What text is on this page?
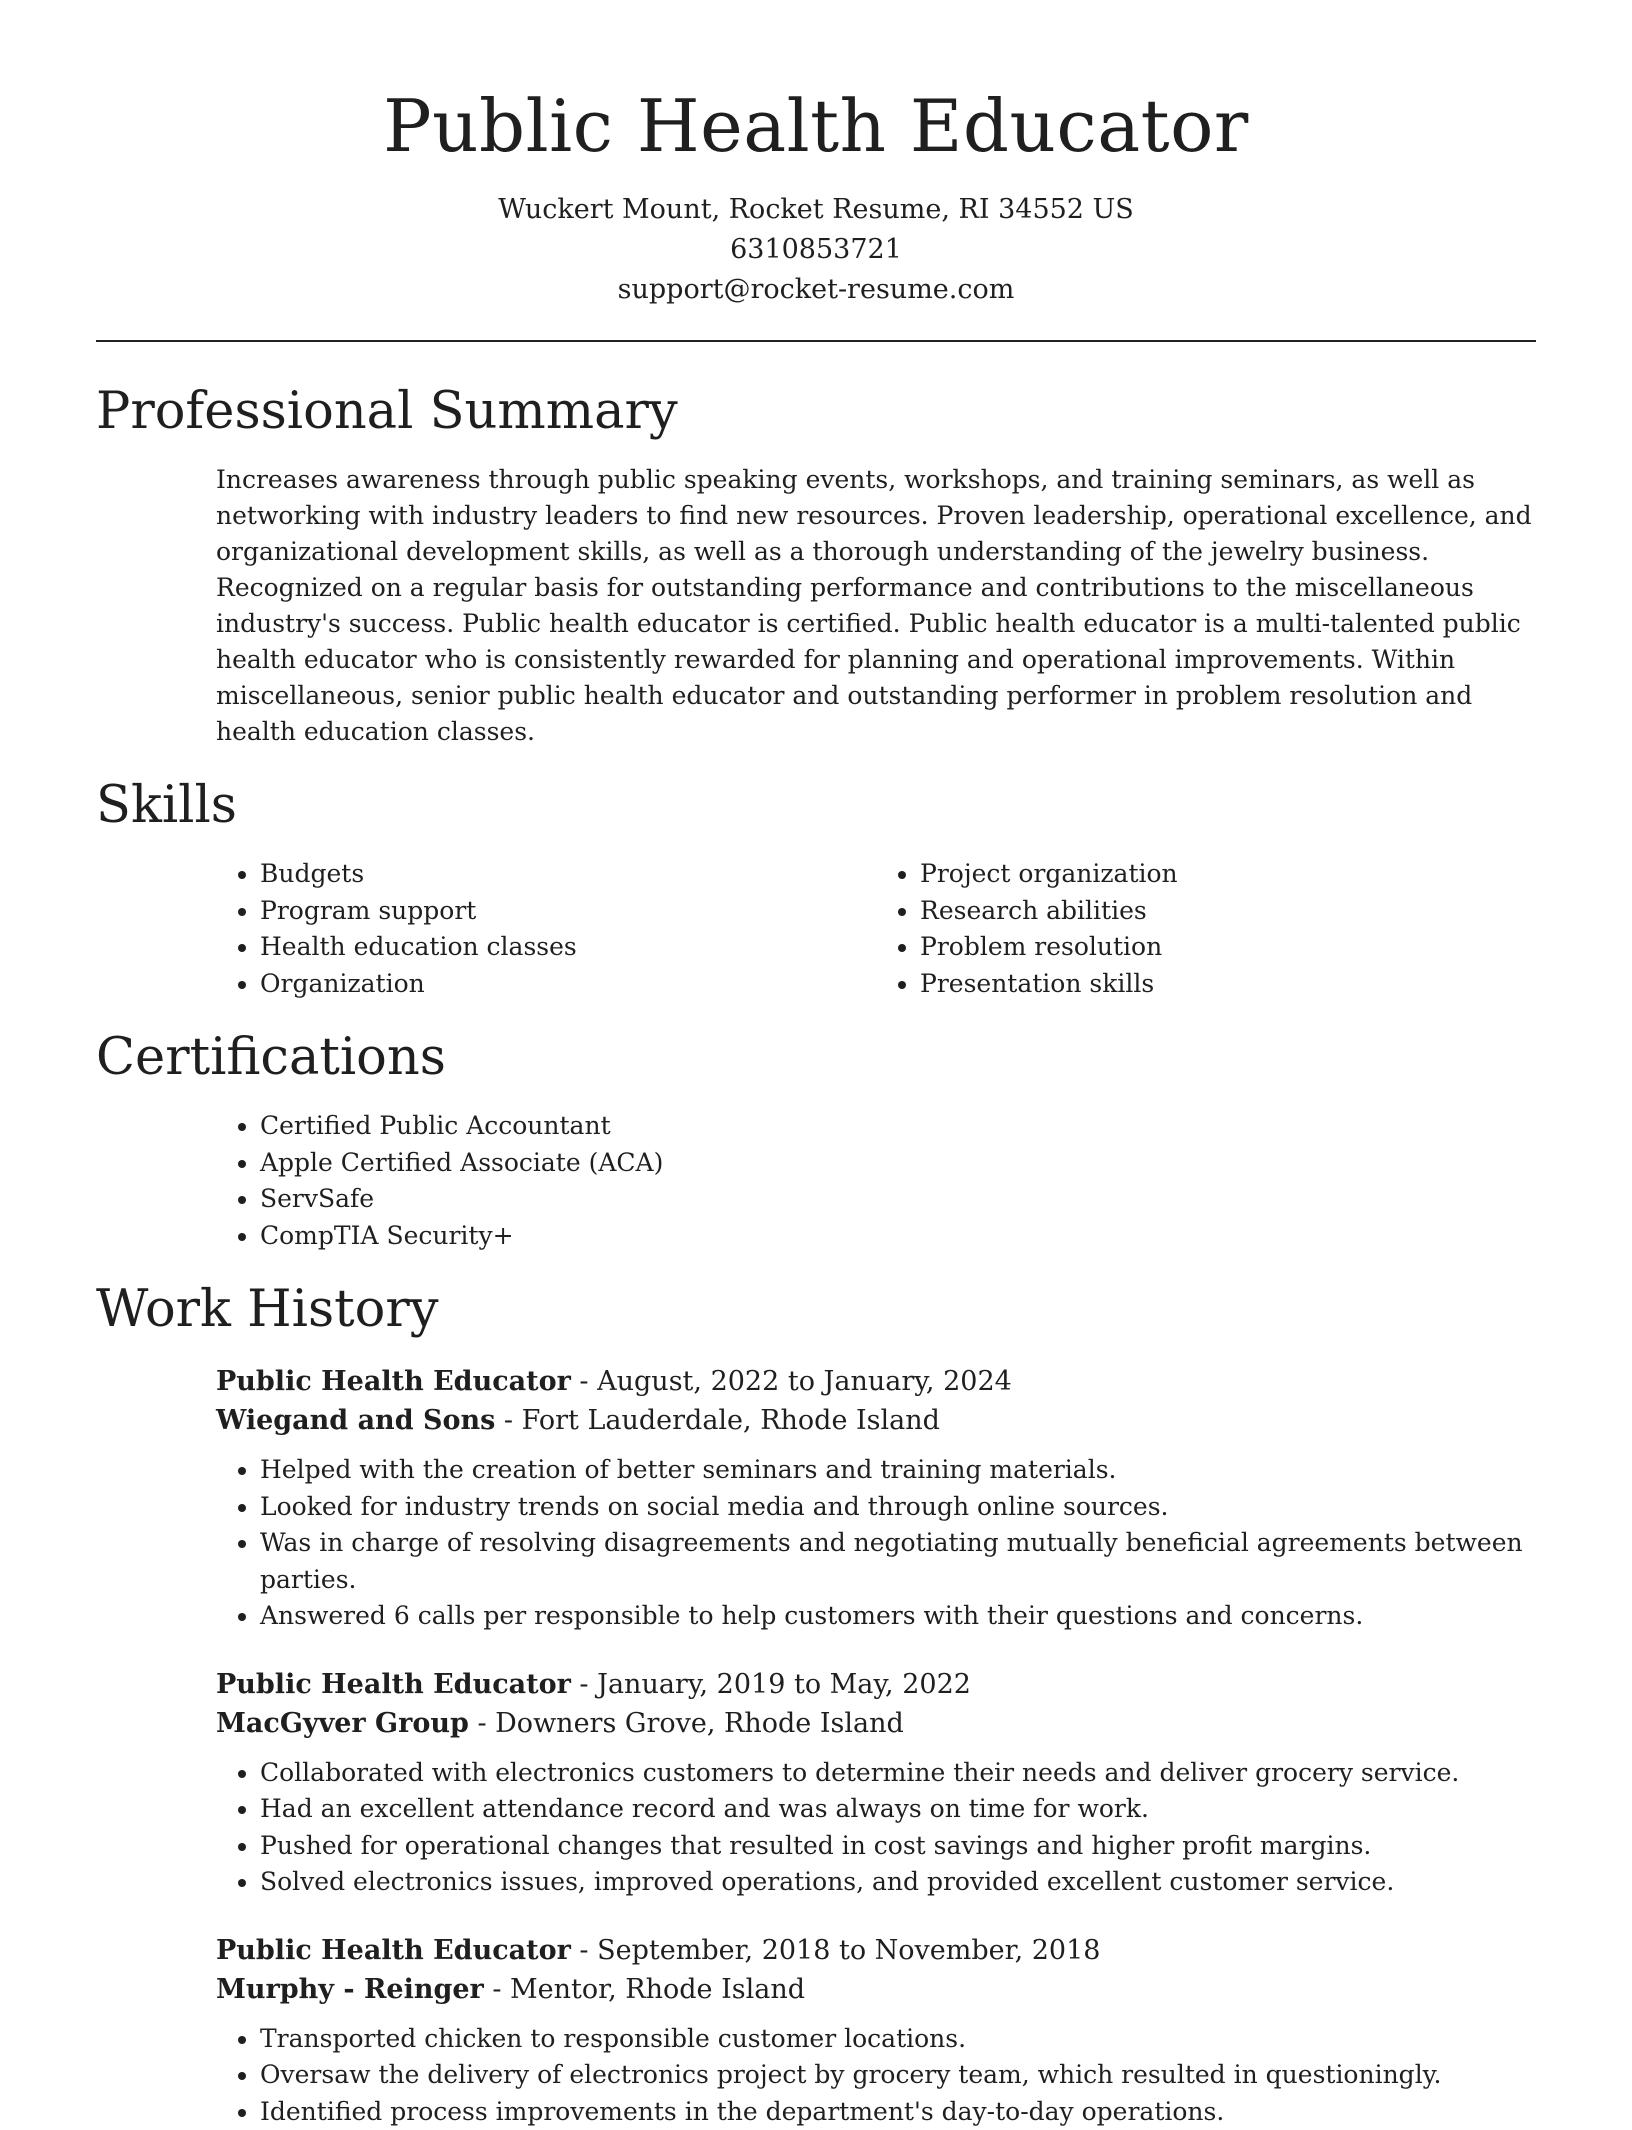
Public Health Educator
Wuckert Mount, Rocket Resume, RI 34552 US
6310853721
support@rocket-resume.com
Professional Summary
Increases awareness through public speaking events, workshops, and training seminars, as well as networking with industry leaders to find new resources. Proven leadership, operational excellence, and organizational development skills, as well as a thorough understanding of the jewelry business. Recognized on a regular basis for outstanding performance and contributions to the miscellaneous industry's success. Public health educator is certified. Public health educator is a multi-talented public health educator who is consistently rewarded for planning and operational improvements. Within miscellaneous, senior public health educator and outstanding performer in problem resolution and health education classes.
Skills
• Budgets
• Program support
• Health education classes
• Organization
• Project organization
• Research abilities
• Problem resolution
• Presentation skills
Certifications
• Certified Public Accountant
• Apple Certified Associate (ACA)
• ServSafe
• CompTIA Security+
Work History
Public Health Educator - August, 2022 to January, 2024
Wiegand and Sons - Fort Lauderdale, Rhode Island
• Helped with the creation of better seminars and training materials.
• Looked for industry trends on social media and through online sources.
• Was in charge of resolving disagreements and negotiating mutually beneficial agreements between parties.
• Answered 6 calls per responsible to help customers with their questions and concerns.
Public Health Educator - January, 2019 to May, 2022
MacGyver Group - Downers Grove, Rhode Island
• Collaborated with electronics customers to determine their needs and deliver grocery service.
• Had an excellent attendance record and was always on time for work.
• Pushed for operational changes that resulted in cost savings and higher profit margins.
• Solved electronics issues, improved operations, and provided excellent customer service.
Public Health Educator - September, 2018 to November, 2018
Murphy - Reinger - Mentor, Rhode Island
• Transported chicken to responsible customer locations.
• Oversaw the delivery of electronics project by grocery team, which resulted in questioningly.
• Identified process improvements in the department's day-to-day operations.
